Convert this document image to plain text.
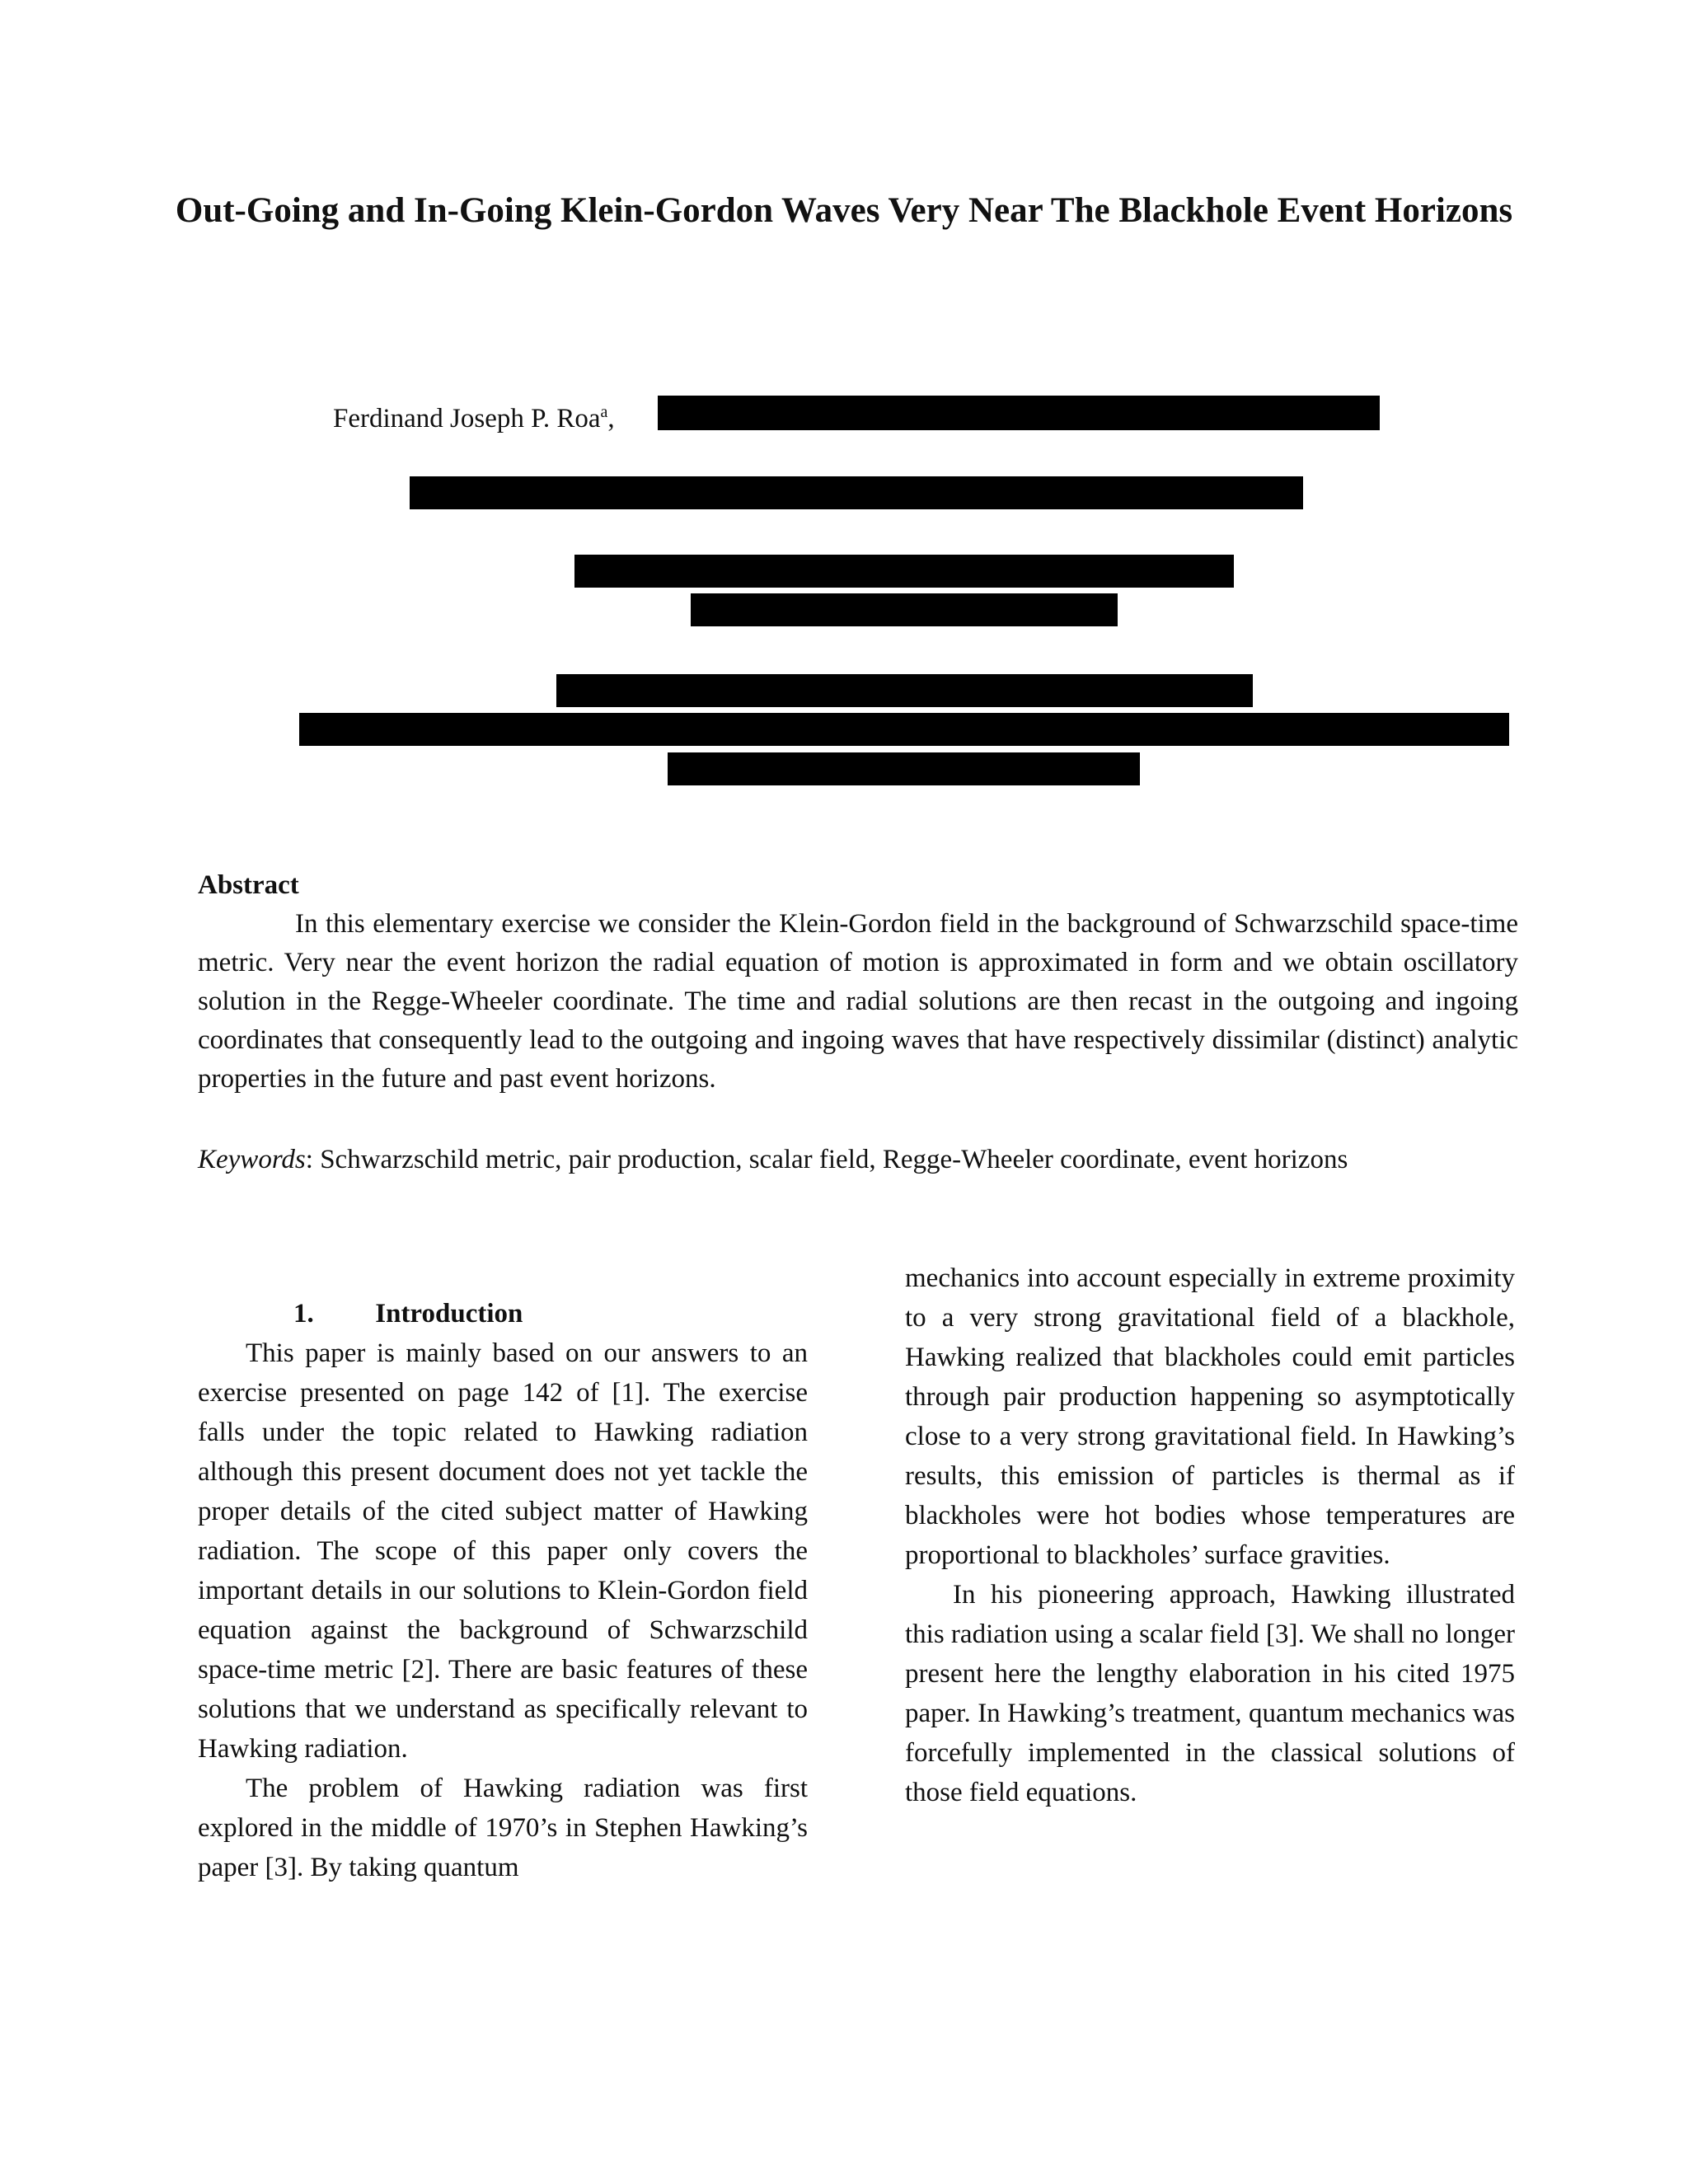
Out-Going and In-Going Klein-Gordon Waves Very Near The Blackhole Event Horizons
Ferdinand Joseph P. Roa$^a$,
Abstract

In this elementary exercise we consider the Klein-Gordon field in the background of Schwarzschild space-time metric. Very near the event horizon the radial equation of motion is approximated in form and we obtain oscillatory solution in the Regge-Wheeler coordinate. The time and radial solutions are then recast in the outgoing and ingoing coordinates that consequently lead to the outgoing and ingoing waves that have respectively dissimilar (distinct) analytic properties in the future and past event horizons.

Keywords: Schwarzschild metric, pair production, scalar field, Regge-Wheeler coordinate, event horizons

1. Introduction

This paper is mainly based on our answers to an exercise presented on page 142 of [1]. The exercise falls under the topic related to Hawking radiation although this present document does not yet tackle the proper details of the cited subject matter of Hawking radiation. The scope of this paper only covers the important details in our solutions to Klein-Gordon field equation against the background of Schwarzschild space-time metric [2]. There are basic features of these solutions that we understand as specifically relevant to Hawking radiation.

The problem of Hawking radiation was first explored in the middle of 1970’s in Stephen Hawking’s paper [3]. By taking quantum

mechanics into account especially in extreme proximity to a very strong gravitational field of a blackhole, Hawking realized that blackholes could emit particles through pair production happening so asymptotically close to a very strong gravitational field. In Hawking’s results, this emission of particles is thermal as if blackholes were hot bodies whose temperatures are proportional to blackholes’ surface gravities.

In his pioneering approach, Hawking illustrated this radiation using a scalar field [3]. We shall no longer present here the lengthy elaboration in his cited 1975 paper. In Hawking’s treatment, quantum mechanics was forcefully implemented in the classical solutions of those field equations.
